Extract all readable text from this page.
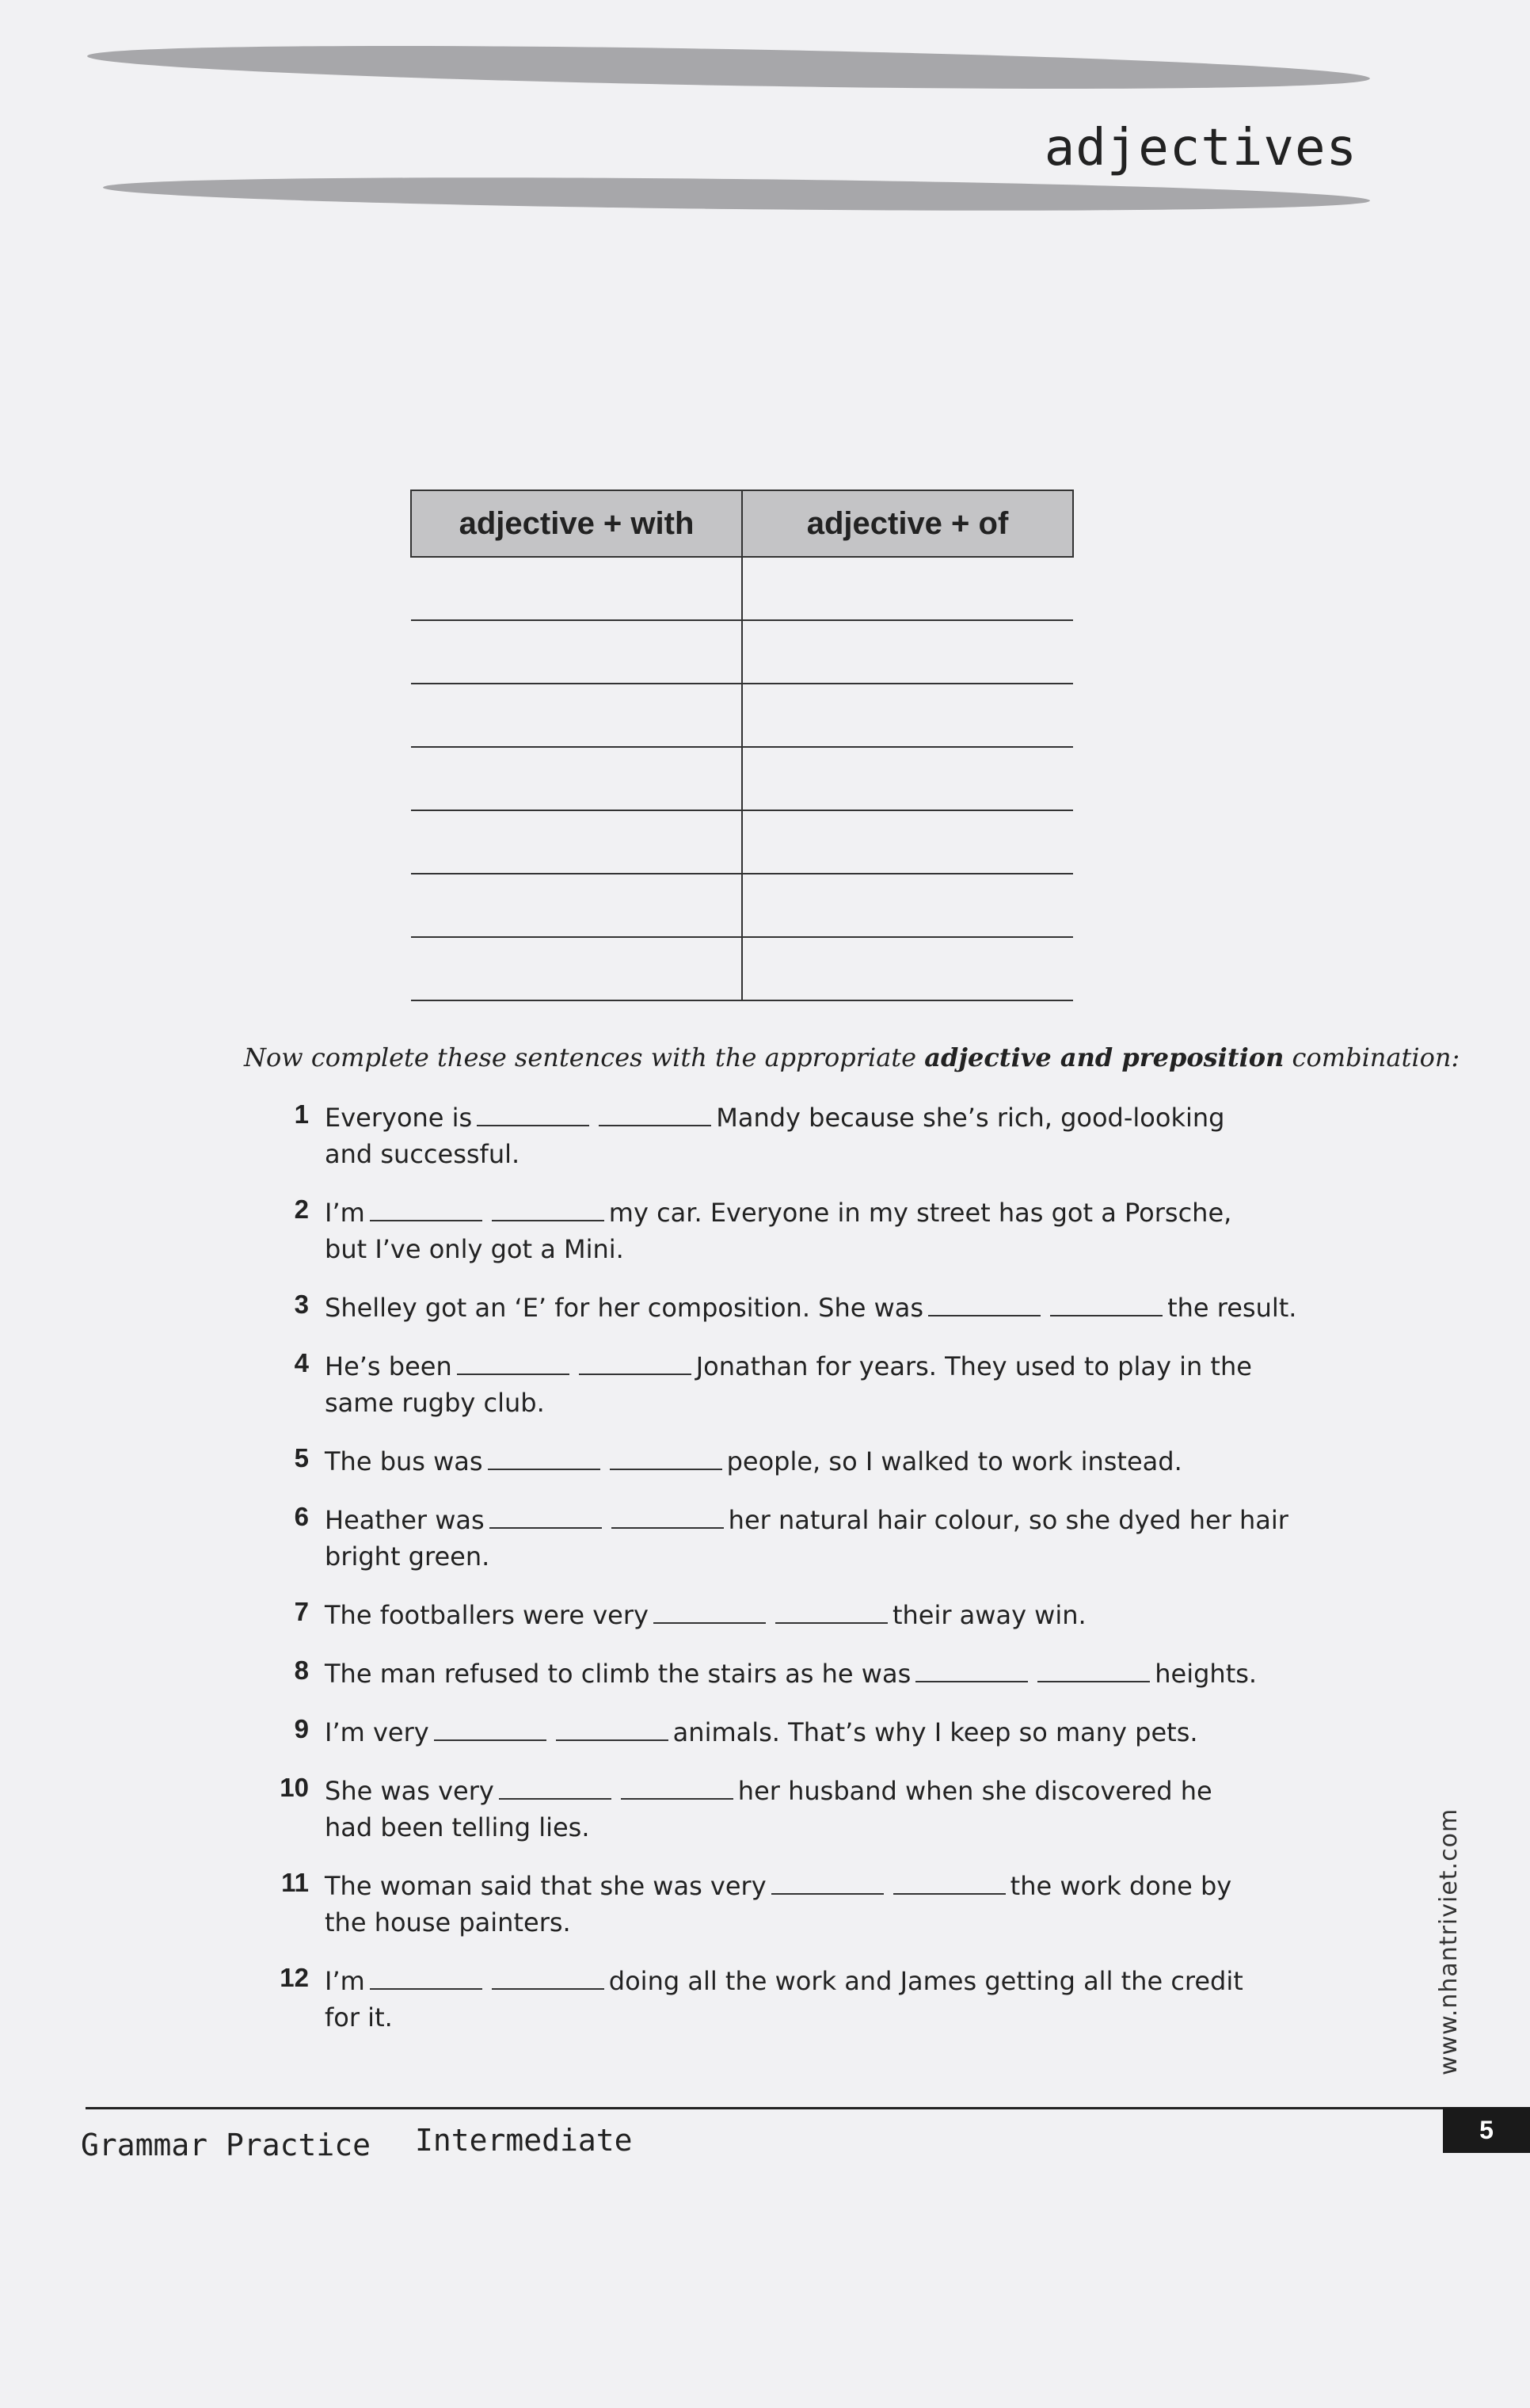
adjectives
adjective + with	adjective + of

Now complete these sentences with the appropriate adjective and preposition combination:
1 Everyone is	Mandy because she’s rich, good-looking
and successful.
2 I’m	my car. Everyone in my street has got a Porsche,
but I’ve only got a Mini.
3 Shelley got an ‘E’ for her composition. She was	the result.
4 He’s been	Jonathan for years. They used to play in the
same rugby club.
5 The bus was	people, so I walked to work instead.
6 Heather was	her natural hair colour, so she dyed her hair
bright green.
7 The footballers were very	their away win.
8 The man refused to climb the stairs as he was	heights.
9 I’m very	animals. That’s why I keep so many pets.
10 She was very	her husband when she discovered he
had been telling lies.
11 The woman said that she was very	the work done by
the house painters.
12 I’m	doing all the work and James getting all the credit
for it.	www.nhantriviet.com
Grammar Practice Intermediate	5
